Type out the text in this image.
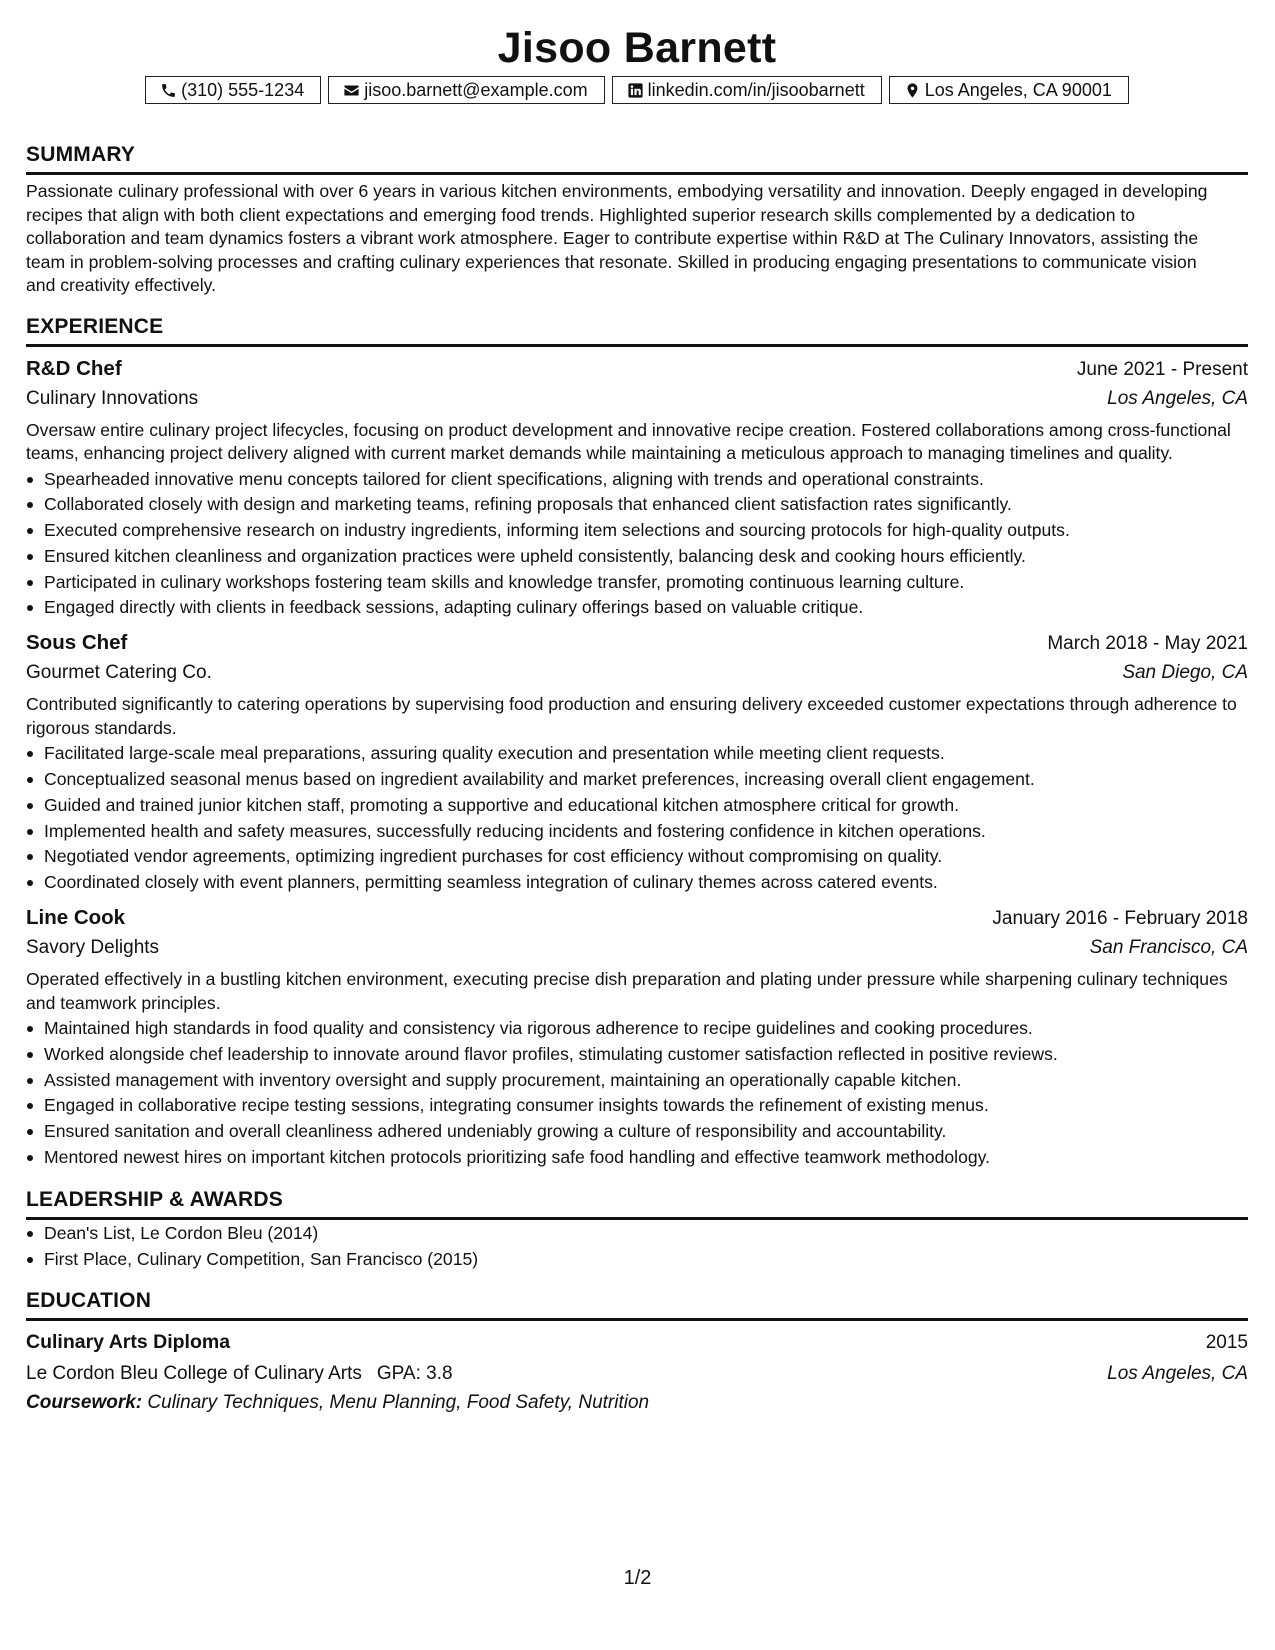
Jisoo Barnett
(310) 555-1234	jisoo.barnett@example.com	linkedin.com/in/jisoobarnett	Los Angeles, CA 90001
SUMMARY
Passionate culinary professional with over 6 years in various kitchen environments, embodying versatility and innovation. Deeply engaged in developing recipes that align with both client expectations and emerging food trends. Highlighted superior research skills complemented by a dedication to collaboration and team dynamics fosters a vibrant work atmosphere. Eager to contribute expertise within R&D at The Culinary Innovators, assisting the team in problem-solving processes and crafting culinary experiences that resonate. Skilled in producing engaging presentations to communicate vision and creativity effectively.
EXPERIENCE
R&D Chef	June 2021 - Present
Culinary Innovations	Los Angeles, CA
Oversaw entire culinary project lifecycles, focusing on product development and innovative recipe creation. Fostered collaborations among cross-functional teams, enhancing project delivery aligned with current market demands while maintaining a meticulous approach to managing timelines and quality.
Spearheaded innovative menu concepts tailored for client specifications, aligning with trends and operational constraints.
Collaborated closely with design and marketing teams, refining proposals that enhanced client satisfaction rates significantly.
Executed comprehensive research on industry ingredients, informing item selections and sourcing protocols for high-quality outputs.
Ensured kitchen cleanliness and organization practices were upheld consistently, balancing desk and cooking hours efficiently.
Participated in culinary workshops fostering team skills and knowledge transfer, promoting continuous learning culture.
Engaged directly with clients in feedback sessions, adapting culinary offerings based on valuable critique.
Sous Chef	March 2018 - May 2021
Gourmet Catering Co.	San Diego, CA
Contributed significantly to catering operations by supervising food production and ensuring delivery exceeded customer expectations through adherence to rigorous standards.
Facilitated large-scale meal preparations, assuring quality execution and presentation while meeting client requests.
Conceptualized seasonal menus based on ingredient availability and market preferences, increasing overall client engagement.
Guided and trained junior kitchen staff, promoting a supportive and educational kitchen atmosphere critical for growth.
Implemented health and safety measures, successfully reducing incidents and fostering confidence in kitchen operations.
Negotiated vendor agreements, optimizing ingredient purchases for cost efficiency without compromising on quality.
Coordinated closely with event planners, permitting seamless integration of culinary themes across catered events.
Line Cook	January 2016 - February 2018
Savory Delights	San Francisco, CA
Operated effectively in a bustling kitchen environment, executing precise dish preparation and plating under pressure while sharpening culinary techniques and teamwork principles.
Maintained high standards in food quality and consistency via rigorous adherence to recipe guidelines and cooking procedures.
Worked alongside chef leadership to innovate around flavor profiles, stimulating customer satisfaction reflected in positive reviews.
Assisted management with inventory oversight and supply procurement, maintaining an operationally capable kitchen.
Engaged in collaborative recipe testing sessions, integrating consumer insights towards the refinement of existing menus.
Ensured sanitation and overall cleanliness adhered undeniably growing a culture of responsibility and accountability.
Mentored newest hires on important kitchen protocols prioritizing safe food handling and effective teamwork methodology.
LEADERSHIP & AWARDS
Dean's List, Le Cordon Bleu (2014)
First Place, Culinary Competition, San Francisco (2015)
EDUCATION
Culinary Arts Diploma	2015
Le Cordon Bleu College of Culinary Arts GPA: 3.8	Los Angeles, CA
Coursework: Culinary Techniques, Menu Planning, Food Safety, Nutrition
1/2
